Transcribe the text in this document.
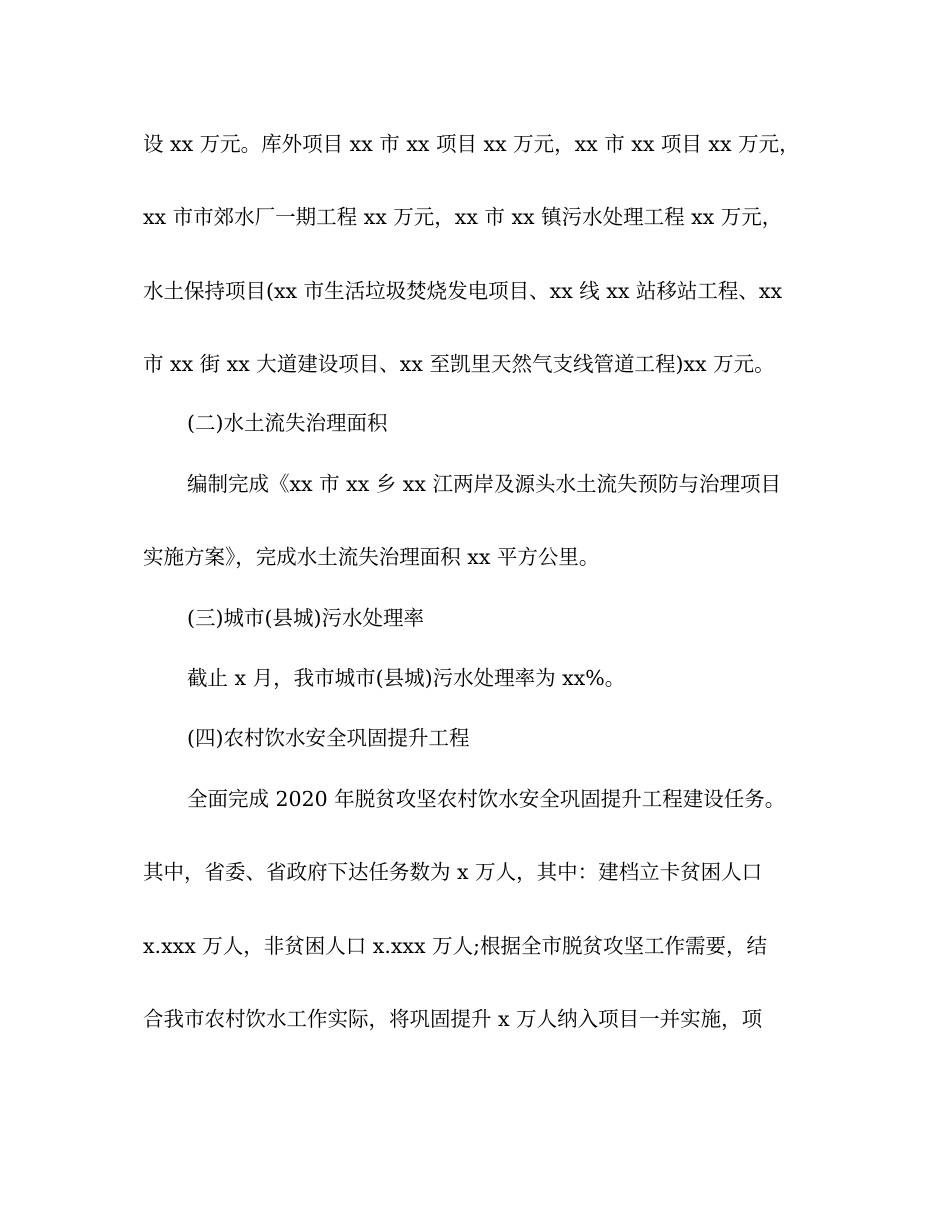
设 xx 万元。库外项目 xx 市 xx 项目 xx 万元，xx 市 xx 项目 xx 万元，
xx 市市郊水厂一期工程 xx 万元，xx 市 xx 镇污水处理工程 xx 万元，
水土保持项目(xx 市生活垃圾焚烧发电项目、xx 线 xx 站移站工程、xx
市 xx 街 xx 大道建设项目、xx 至凯里天然气支线管道工程)xx 万元。
(二)水土流失治理面积
编制完成《xx 市 xx 乡 xx 江两岸及源头水土流失预防与治理项目
实施方案》，完成水土流失治理面积 xx 平方公里。
(三)城市(县城)污水处理率
截止 x 月，我市城市(县城)污水处理率为 xx%。
(四)农村饮水安全巩固提升工程
全面完成 2020 年脱贫攻坚农村饮水安全巩固提升工程建设任务。
其中，省委、省政府下达任务数为 x 万人，其中：建档立卡贫困人口
x.xxx 万人，非贫困人口 x.xxx 万人;根据全市脱贫攻坚工作需要，结
合我市农村饮水工作实际，将巩固提升 x 万人纳入项目一并实施，项
